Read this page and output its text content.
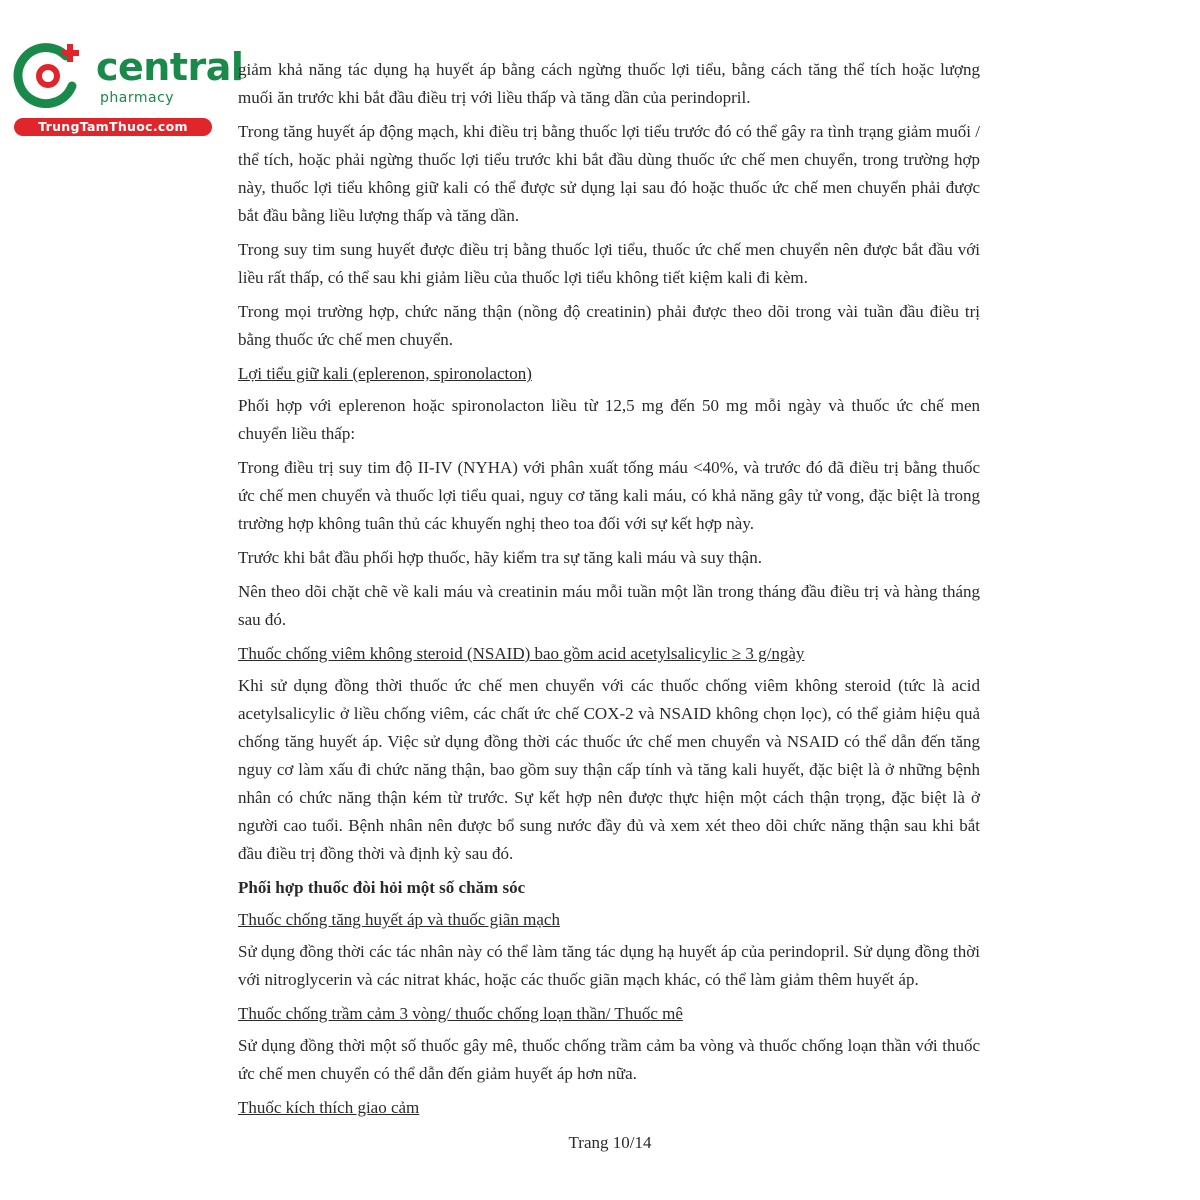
central
pharmacy
TrungTamThuoc.com

giảm khả năng tác dụng hạ huyết áp bằng cách ngừng thuốc lợi tiểu, bằng cách tăng thể tích hoặc lượng muối ăn trước khi bắt đầu điều trị với liều thấp và tăng dần của perindopril.

Trong tăng huyết áp động mạch, khi điều trị bằng thuốc lợi tiểu trước đó có thể gây ra tình trạng giảm muối / thể tích, hoặc phải ngừng thuốc lợi tiểu trước khi bắt đầu dùng thuốc ức chế men chuyển, trong trường hợp này, thuốc lợi tiểu không giữ kali có thể được sử dụng lại sau đó hoặc thuốc ức chế men chuyển phải được bắt đầu bằng liều lượng thấp và tăng dần.

Trong suy tim sung huyết được điều trị bằng thuốc lợi tiểu, thuốc ức chế men chuyển nên được bắt đầu với liều rất thấp, có thể sau khi giảm liều của thuốc lợi tiểu không tiết kiệm kali đi kèm.

Trong mọi trường hợp, chức năng thận (nồng độ creatinin) phải được theo dõi trong vài tuần đầu điều trị bằng thuốc ức chế men chuyển.

Lợi tiểu giữ kali (eplerenon, spironolacton)

Phối hợp với eplerenon hoặc spironolacton liều từ 12,5 mg đến 50 mg mỗi ngày và thuốc ức chế men chuyển liều thấp:

Trong điều trị suy tim độ II-IV (NYHA) với phân xuất tống máu <40%, và trước đó đã điều trị bằng thuốc ức chế men chuyển và thuốc lợi tiểu quai, nguy cơ tăng kali máu, có khả năng gây tử vong, đặc biệt là trong trường hợp không tuân thủ các khuyến nghị theo toa đối với sự kết hợp này.

Trước khi bắt đầu phối hợp thuốc, hãy kiểm tra sự tăng kali máu và suy thận.

Nên theo dõi chặt chẽ về kali máu và creatinin máu mỗi tuần một lần trong tháng đầu điều trị và hàng tháng sau đó.

Thuốc chống viêm không steroid (NSAID) bao gồm acid acetylsalicylic ≥ 3 g/ngày

Khi sử dụng đồng thời thuốc ức chế men chuyển với các thuốc chống viêm không steroid (tức là acid acetylsalicylic ở liều chống viêm, các chất ức chế COX-2 và NSAID không chọn lọc), có thể giảm hiệu quả chống tăng huyết áp. Việc sử dụng đồng thời các thuốc ức chế men chuyển và NSAID có thể dẫn đến tăng nguy cơ làm xấu đi chức năng thận, bao gồm suy thận cấp tính và tăng kali huyết, đặc biệt là ở những bệnh nhân có chức năng thận kém từ trước. Sự kết hợp nên được thực hiện một cách thận trọng, đặc biệt là ở người cao tuổi. Bệnh nhân nên được bổ sung nước đầy đủ và xem xét theo dõi chức năng thận sau khi bắt đầu điều trị đồng thời và định kỳ sau đó.

Phối hợp thuốc đòi hỏi một số chăm sóc

Thuốc chống tăng huyết áp và thuốc giãn mạch

Sử dụng đồng thời các tác nhân này có thể làm tăng tác dụng hạ huyết áp của perindopril. Sử dụng đồng thời với nitroglycerin và các nitrat khác, hoặc các thuốc giãn mạch khác, có thể làm giảm thêm huyết áp.

Thuốc chống trầm cảm 3 vòng/ thuốc chống loạn thần/ Thuốc mê

Sử dụng đồng thời một số thuốc gây mê, thuốc chống trầm cảm ba vòng và thuốc chống loạn thần với thuốc ức chế men chuyển có thể dẫn đến giảm huyết áp hơn nữa.

Thuốc kích thích giao cảm

Trang 10/14
